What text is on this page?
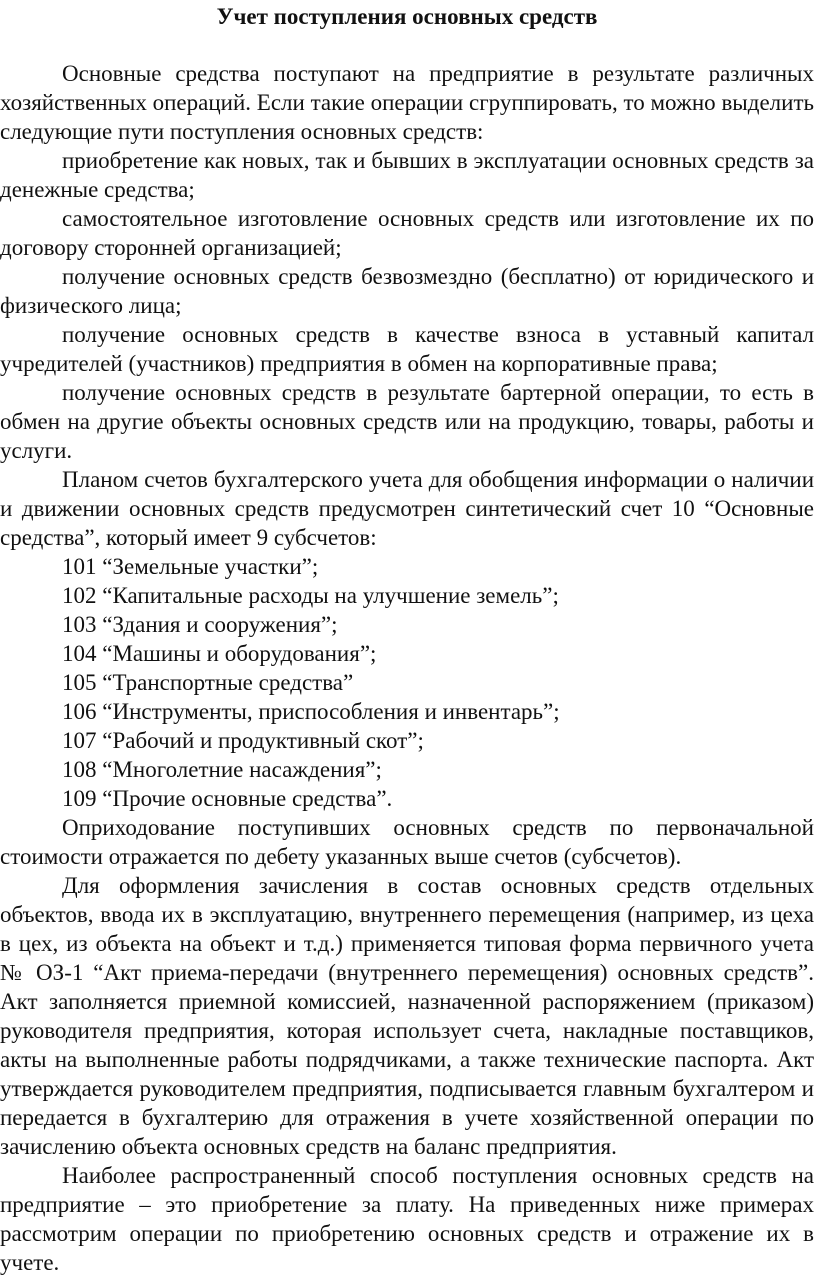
Учет поступления основных средств

Основные средства поступают на предприятие в результате различных хозяйственных операций. Если такие операции сгруппировать, то можно выделить следующие пути поступления основных средств:

приобретение как новых, так и бывших в эксплуатации основных средств за денежные средства;

самостоятельное изготовление основных средств или изготовление их по договору сторонней организацией;

получение основных средств безвозмездно (бесплатно) от юридического и физического лица;

получение основных средств в качестве взноса в уставный капитал учредителей (участников) предприятия в обмен на корпоративные права;

получение основных средств в результате бартерной операции, то есть в обмен на другие объекты основных средств или на продукцию, товары, работы и услуги.

Планом счетов бухгалтерского учета для обобщения информации о наличии и движении основных средств предусмотрен синтетический счет 10 “Основные средства”, который имеет 9 субсчетов:

101 “Земельные участки”;

102 “Капитальные расходы на улучшение земель”;

103 “Здания и сооружения”;

104 “Машины и оборудования”;

105 “Транспортные средства”

106 “Инструменты, приспособления и инвентарь”;

107 “Рабочий и продуктивный скот”;

108 “Многолетние насаждения”;

109 “Прочие основные средства”.

Оприходование поступивших основных средств по первоначальной стоимости отражается по дебету указанных выше счетов (субсчетов).

Для оформления зачисления в состав основных средств отдельных объектов, ввода их в эксплуатацию, внутреннего перемещения (например, из цеха в цех, из объекта на объект и т.д.) применяется типовая форма первичного учета № ОЗ-1 “Акт приема-передачи (внутреннего перемещения) основных средств”. Акт заполняется приемной комиссией, назначенной распоряжением (приказом) руководителя предприятия, которая использует счета, накладные поставщиков, акты на выполненные работы подрядчиками, а также технические паспорта. Акт утверждается руководителем предприятия, подписывается главным бухгалтером и передается в бухгалтерию для отражения в учете хозяйственной операции по зачислению объекта основных средств на баланс предприятия.

Наиболее распространенный способ поступления основных средств на предприятие – это приобретение за плату. На приведенных ниже примерах рассмотрим операции по приобретению основных средств и отражение их в учете.
